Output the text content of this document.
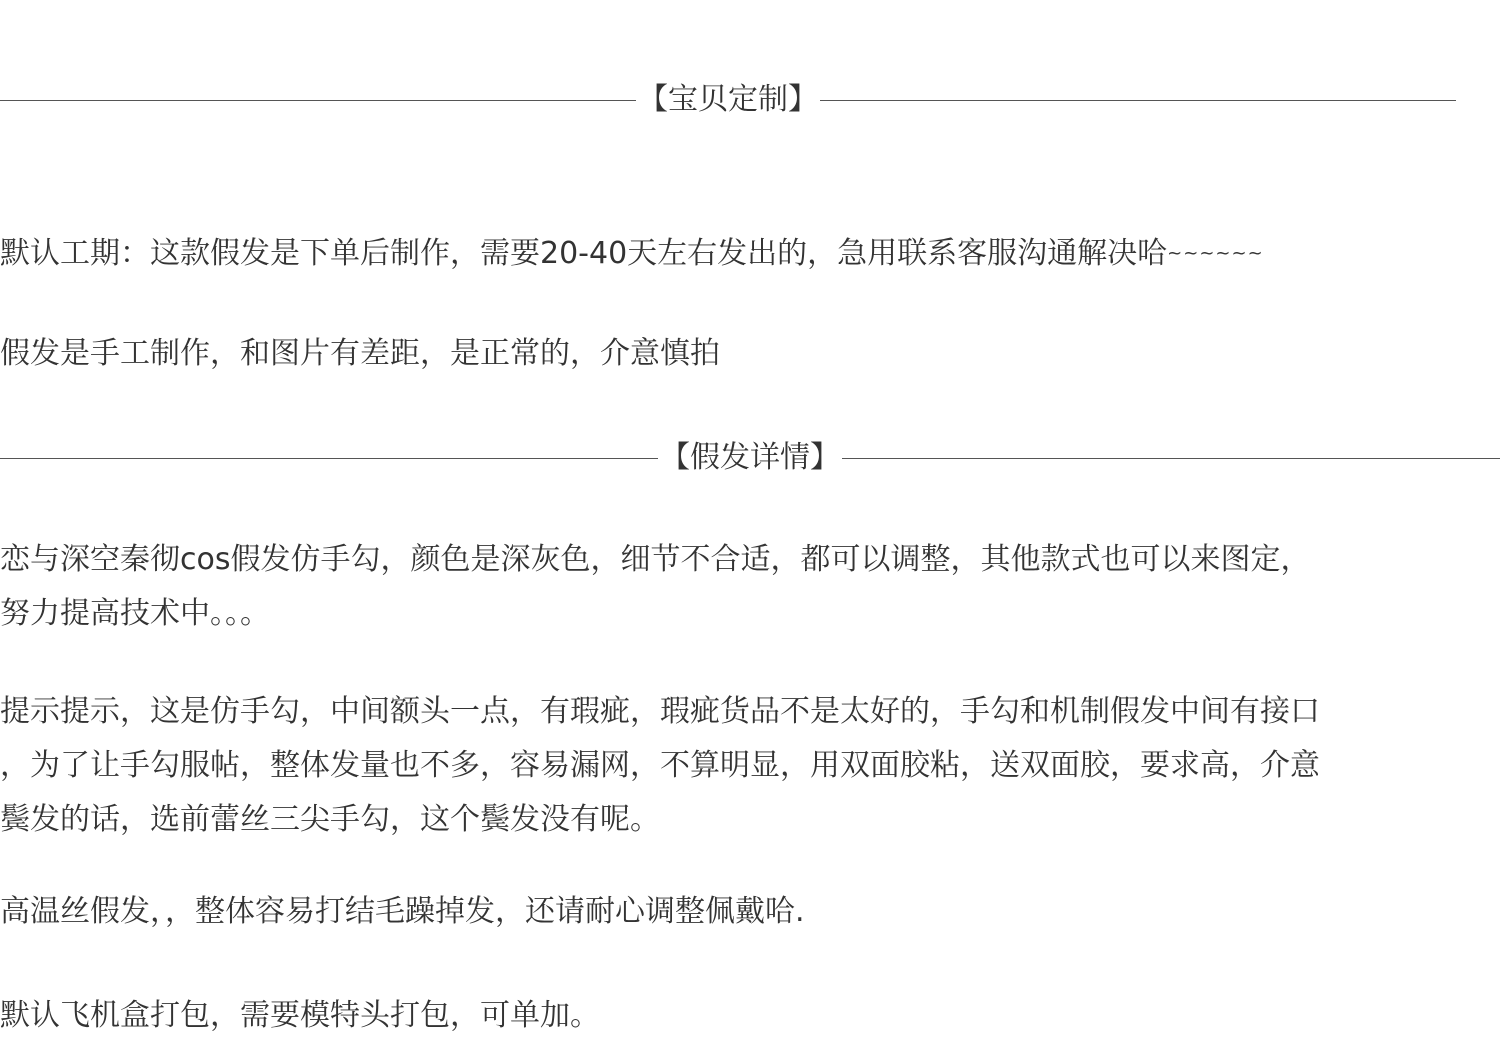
【宝贝定制】

默认工期：这款假发是下单后制作，需要20-40天左右发出的，急用联系客服沟通解决哈~~~~~~

假发是手工制作，和图片有差距，是正常的，介意慎拍

【假发详情】
恋与深空秦彻cos假发仿手勾，颜色是深灰色，细节不合适，都可以调整，其他款式也可以来图定，
努力提高技术中。。。
提示提示，这是仿手勾，中间额头一点，有瑕疵，瑕疵货品不是太好的，手勾和机制假发中间有接口
，为了让手勾服帖，整体发量也不多，容易漏网，不算明显，用双面胶粘，送双面胶，要求高，介意
鬓发的话，选前蕾丝三尖手勾，这个鬓发没有呢。

高温丝假发，，整体容易打结毛躁掉发，还请耐心调整佩戴哈.

默认飞机盒打包，需要模特头打包，可单加。
